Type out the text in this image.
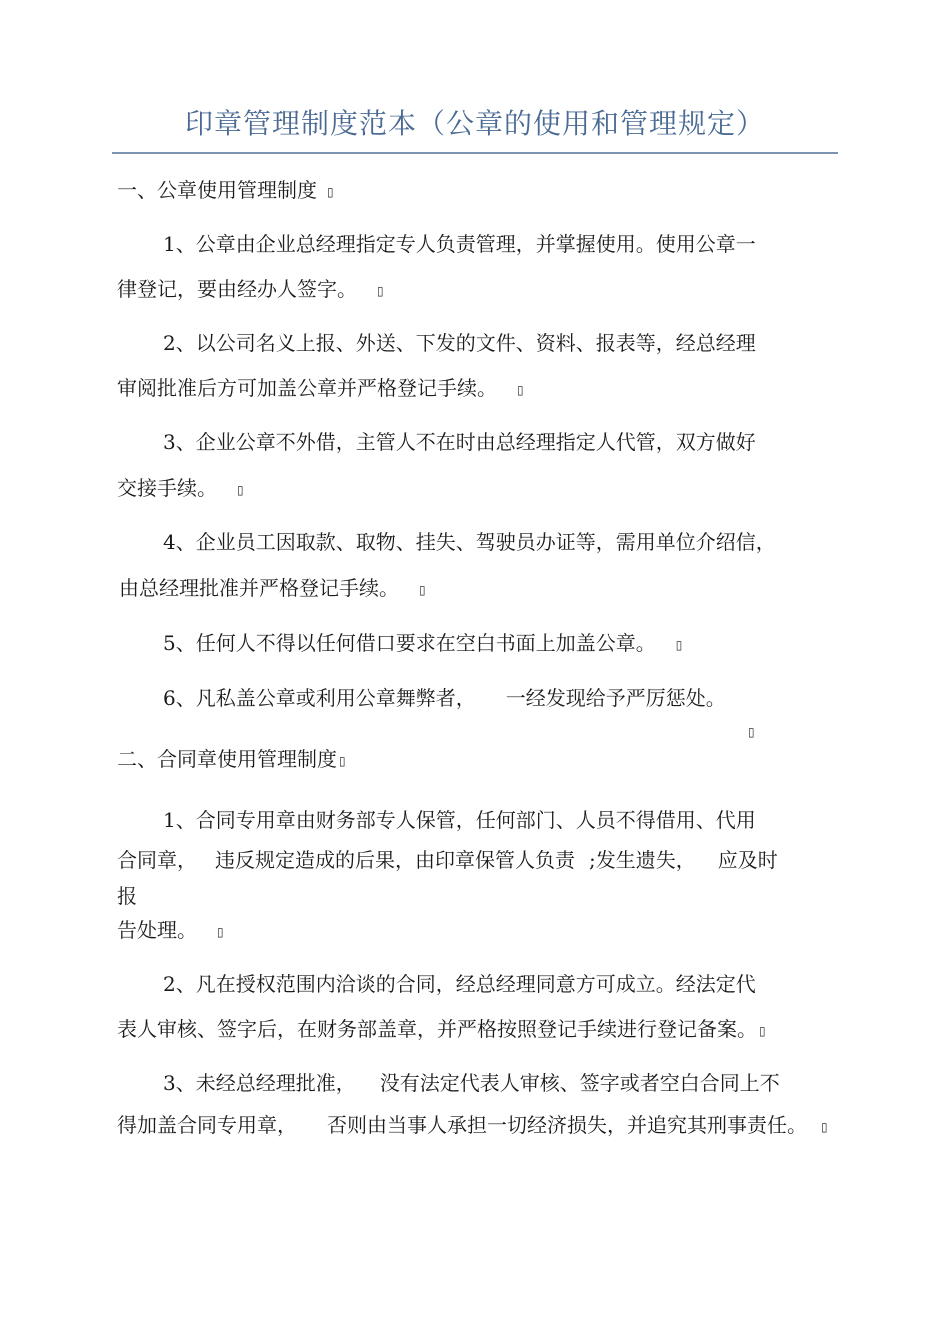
印章管理制度范本（公章的使用和管理规定）
一、公章使用管理制度 ▯
1、公章由企业总经理指定专人负责管理，并掌握使用。使用公章一
律登记，要由经办人签字。 ▯
2、以公司名义上报、外送、下发的文件、资料、报表等，经总经理
审阅批准后方可加盖公章并严格登记手续。 ▯
3、企业公章不外借，主管人不在时由总经理指定人代管，双方做好
交接手续。 ▯
4、企业员工因取款、取物、挂失、驾驶员办证等，需用单位介绍信，
由总经理批准并严格登记手续。 ▯
5、任何人不得以任何借口要求在空白书面上加盖公章。 ▯
6、凡私盖公章或利用公章舞弊者， 一经发现给予严厉惩处。
▯
二、合同章使用管理制度 ▯
1、合同专用章由财务部专人保管，任何部门、人员不得借用、代用
合同章， 违反规定造成的后果，由印章保管人负责 ;发生遗失， 应及时
报
告处理。 ▯
2、凡在授权范围内洽谈的合同，经总经理同意方可成立。经法定代
表人审核、签字后，在财务部盖章，并严格按照登记手续进行登记备案。 ▯
3、未经总经理批准， 没有法定代表人审核、签字或者空白合同上不
得加盖合同专用章， 否则由当事人承担一切经济损失，并追究其刑事责任。 ▯
